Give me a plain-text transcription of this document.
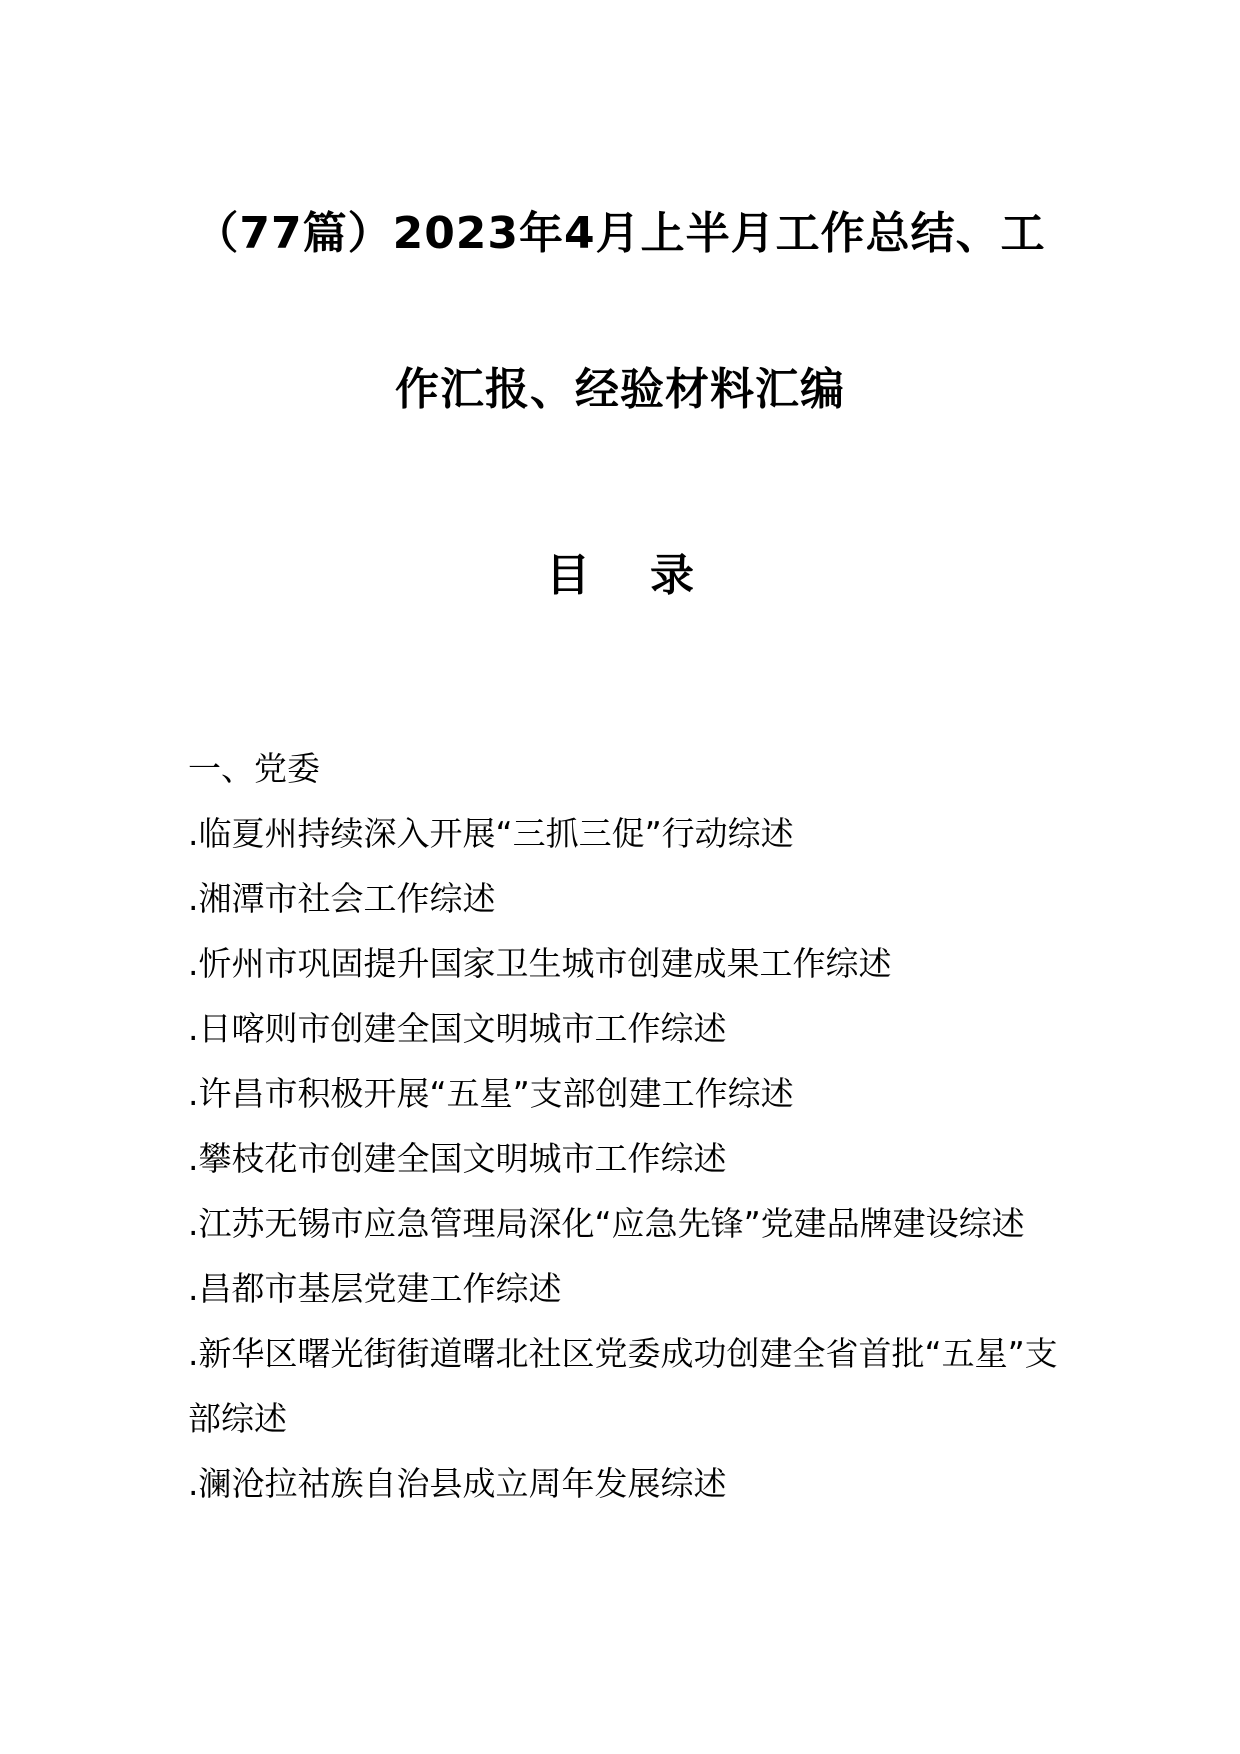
（77篇）2023年4月上半月工作总结、工
作汇报、经验材料汇编
目录

一、党委

.临夏州持续深入开展“三抓三促”行动综述

.湘潭市社会工作综述

.忻州市巩固提升国家卫生城市创建成果工作综述

.日喀则市创建全国文明城市工作综述

.许昌市积极开展“五星”支部创建工作综述

.攀枝花市创建全国文明城市工作综述

.江苏无锡市应急管理局深化“应急先锋”党建品牌建设综述

.昌都市基层党建工作综述

.新华区曙光街街道曙北社区党委成功创建全省首批“五星”支部综述

.澜沧拉祜族自治县成立周年发展综述
